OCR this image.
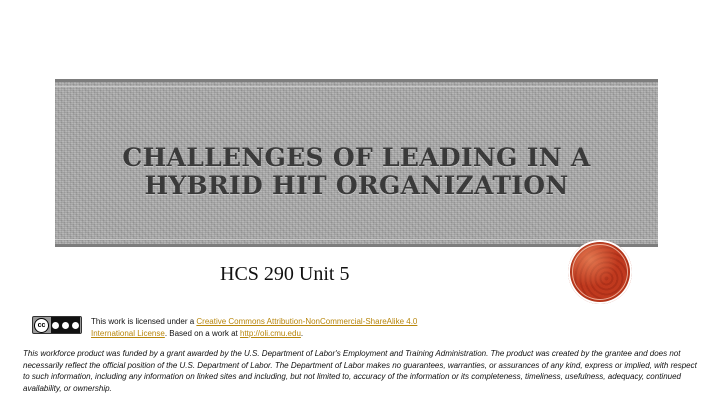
CHALLENGES OF LEADING IN A
HYBRID HIT ORGANIZATION

HCS 290 Unit 5

cc	This work is licensed under a Creative Commons Attribution-NonCommercial-ShareAlike 4.0
International License. Based on a work at http://oli.cmu.edu.

This workforce product was funded by a grant awarded by the U.S. Department of Labor's Employment and Training Administration. The product was created by the grantee and does not necessarily reflect the official position of the U.S. Department of Labor. The Department of Labor makes no guarantees, warranties, or assurances of any kind, express or implied, with respect to such information, including any information on linked sites and including, but not limited to, accuracy of the information or its completeness, timeliness, usefulness, adequacy, continued availability, or ownership.
